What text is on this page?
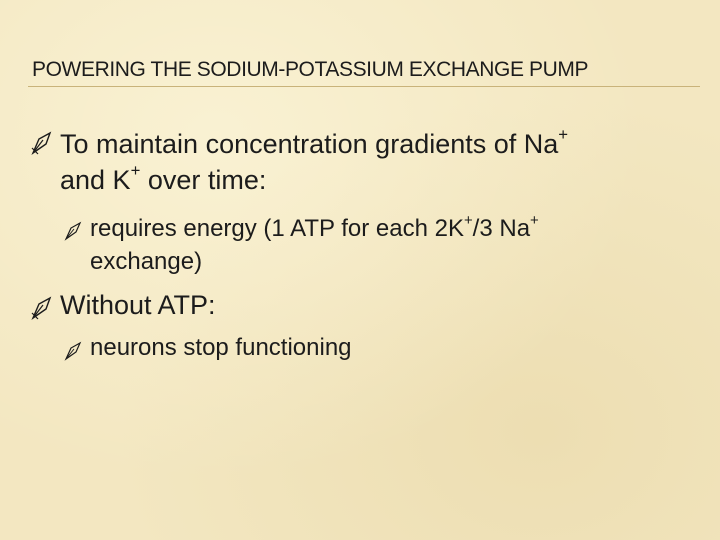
POWERING THE SODIUM-POTASSIUM EXCHANGE PUMP
To maintain concentration gradients of Na+
and K+ over time:
requires energy (1 ATP for each 2K+/3 Na+
exchange)
Without ATP:
neurons stop functioning
